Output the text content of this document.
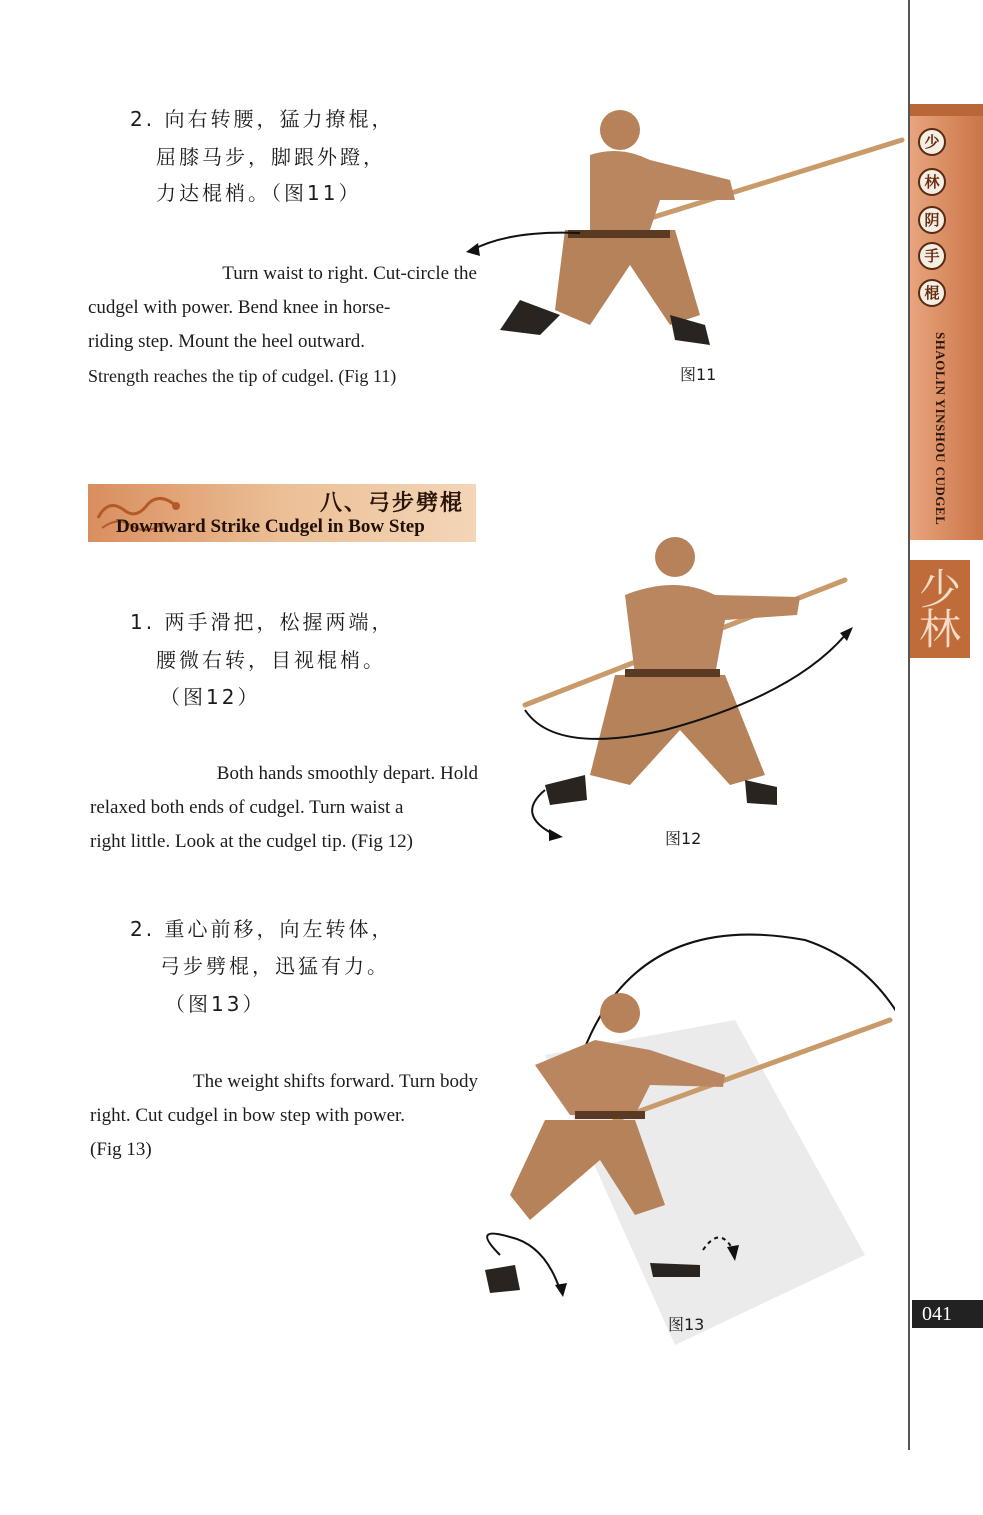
少
林
阴
手
棍
SHAOLIN YINSHOU CUDGEL
少林
041
2. 向右转腰，猛力撩棍，
屈膝马步，脚跟外蹬，
力达棍梢。（图11）
Turn waist to right. Cut-circle the
cudgel with power. Bend knee in horse-
riding step. Mount the heel outward.
Strength reaches the tip of cudgel. (Fig 11)	图11
八、弓步劈棍
Downward Strike Cudgel in Bow Step
1. 两手滑把，松握两端，
腰微右转，目视棍梢。
（图12）
Both hands smoothly depart. Hold
relaxed both ends of cudgel. Turn waist a
right little. Look at the cudgel tip. (Fig 12)	图12
2. 重心前移，向左转体，
弓步劈棍，迅猛有力。
（图13）
The weight shifts forward. Turn body
right. Cut cudgel in bow step with power.
(Fig 13)
图13
